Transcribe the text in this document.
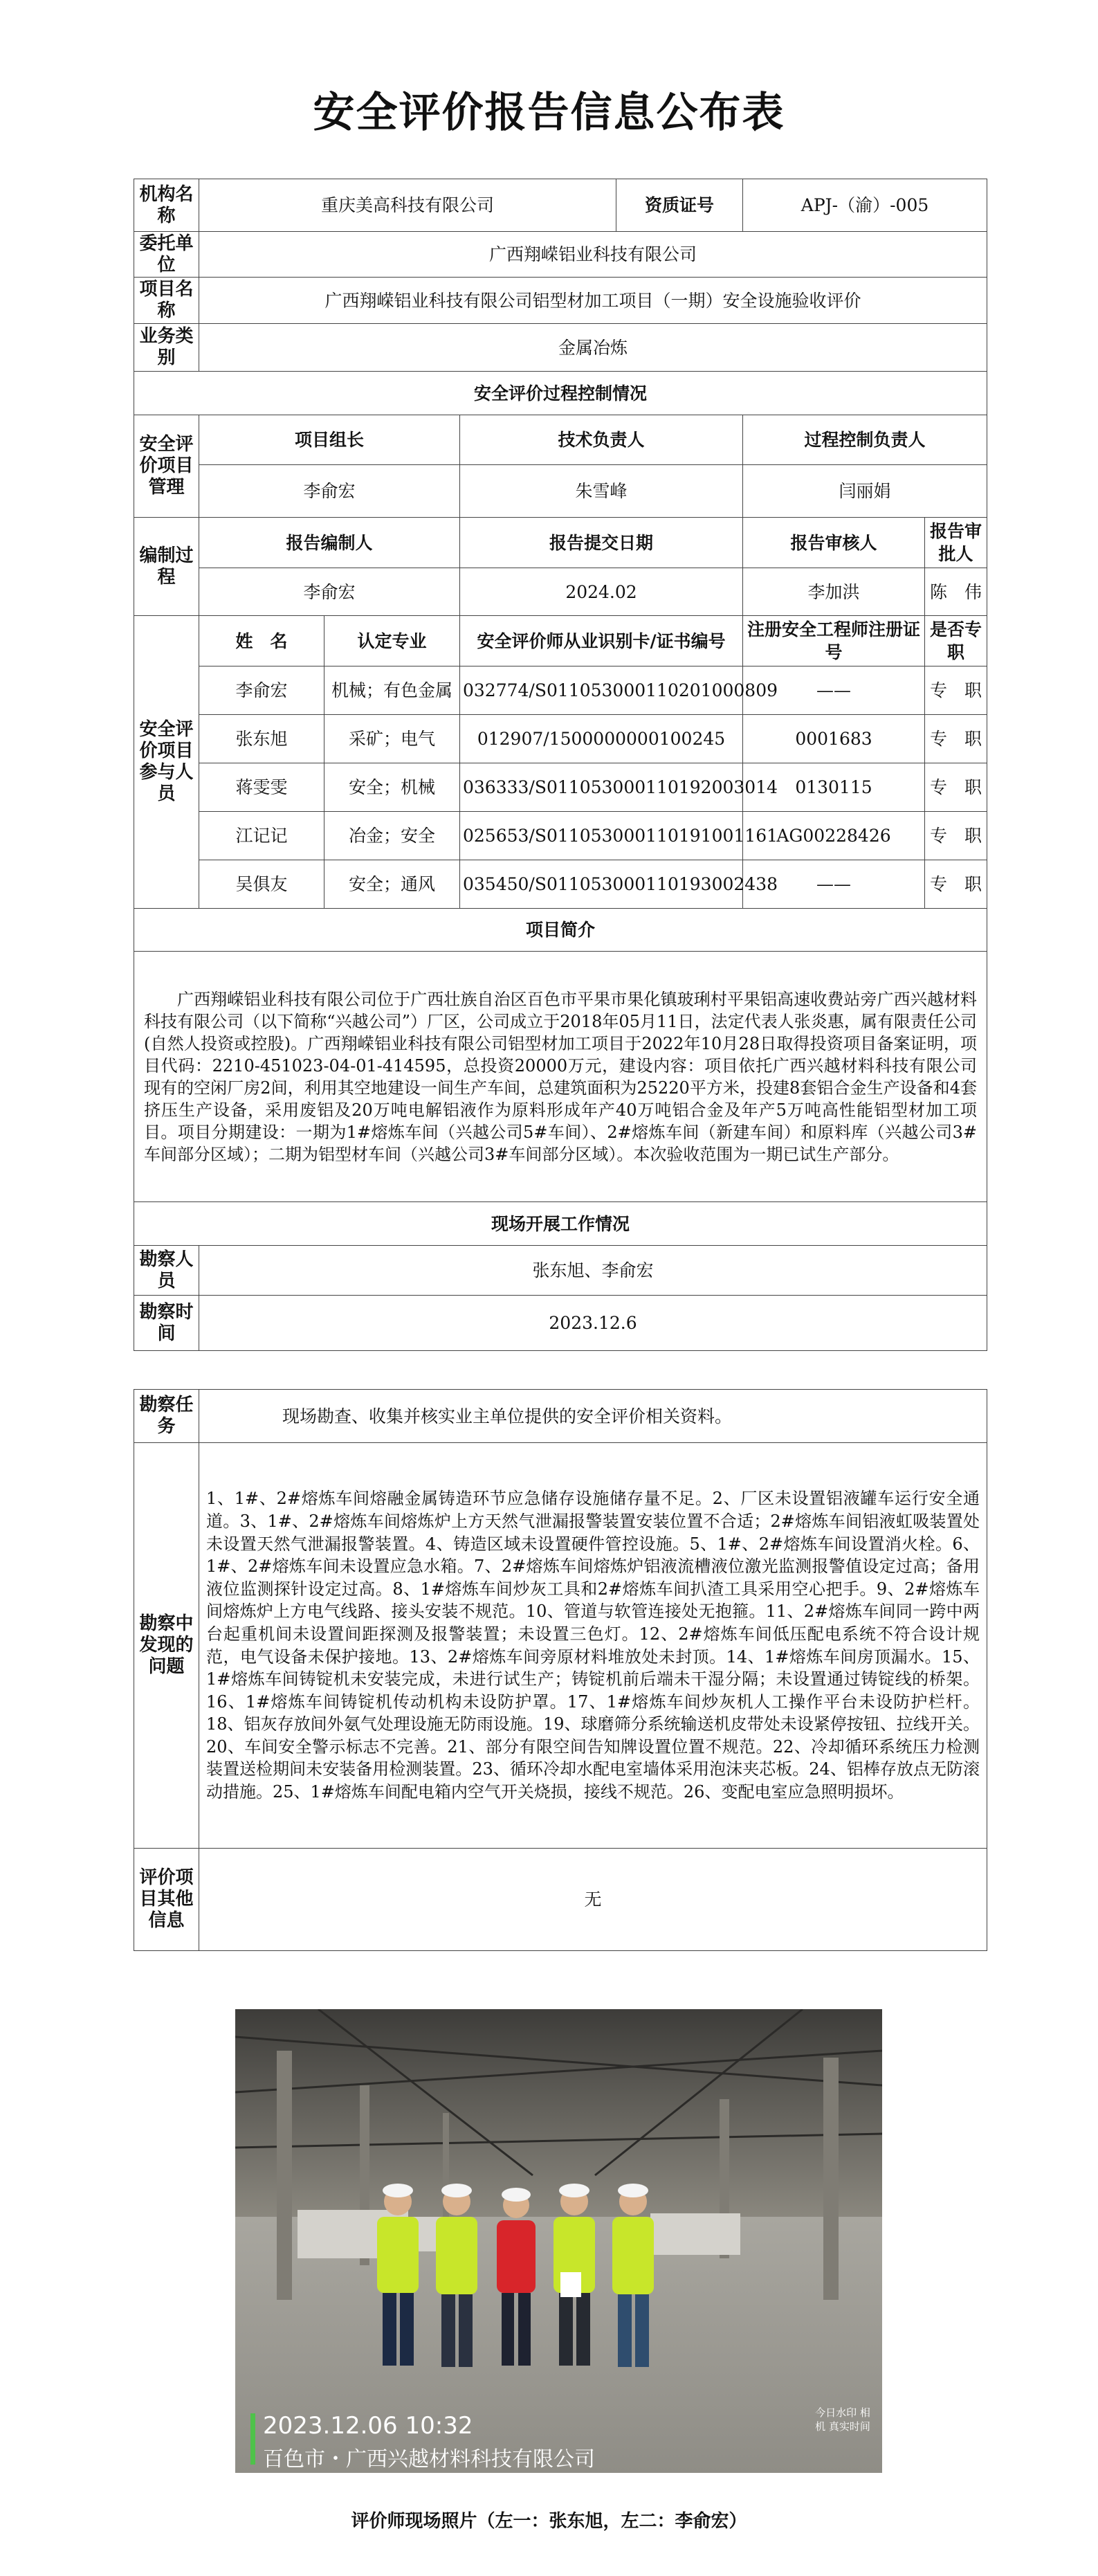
安全评价报告信息公布表
机构名称	重庆美高科技有限公司			资质证号	APJ-（渝）-005	
委托单位	广西翔嵘铝业科技有限公司					
项目名称	广西翔嵘铝业科技有限公司铝型材加工项目（一期）安全设施验收评价					
业务类别	金属冶炼					
安全评价过程控制情况						
安全评价项目管理	项目组长		技术负责人		过程控制负责人	
	李俞宏		朱雪峰		闫丽娟	
编制过程	报告编制人		报告提交日期		报告审核人	报告审批人
	李俞宏		2024.02		李加洪	陈　伟
安全评价项目参与人员	姓　名	认定专业	安全评价师从业识别卡/证书编号		注册安全工程师注册证号	是否专职
	李俞宏	机械；有色金属	032774/S011053000110201000809		——	专　职
	张东旭	采矿；电气	012907/1500000000100245		0001683	专　职
	蒋雯雯	安全；机械	036333/S011053000110192003014		0130115	专　职
	江记记	冶金；安全	025653/S011053000110191001161		AG00228426	专　职
	吴俱友	安全；通风	035450/S011053000110193002438		——	专　职
项目简介						
广西翔嵘铝业科技有限公司位于广西壮族自治区百色市平果市果化镇玻琍村平果铝高速收费站旁广西兴越材料科技有限公司（以下简称“兴越公司”）厂区，公司成立于2018年05月11日，法定代表人张炎惠，属有限责任公司(自然人投资或控股)。广西翔嵘铝业科技有限公司铝型材加工项目于2022年10月28日取得投资项目备案证明，项目代码：2210-451023-04-01-414595，总投资20000万元，建设内容：项目依托广西兴越材料科技有限公司现有的空闲厂房2间，利用其空地建设一间生产车间，总建筑面积为25220平方米，投建8套铝合金生产设备和4套挤压生产设备，采用废铝及20万吨电解铝液作为原料形成年产40万吨铝合金及年产5万吨高性能铝型材加工项目。项目分期建设：一期为1#熔炼车间（兴越公司5#车间）、2#熔炼车间（新建车间）和原料库（兴越公司3#车间部分区域）；二期为铝型材车间（兴越公司3#车间部分区域）。本次验收范围为一期已试生产部分。						
现场开展工作情况						
勘察人员	张东旭、李俞宏					
勘察时间	2023.12.6					
勘察任务	现场勘查、收集并核实业主单位提供的安全评价相关资料。
勘察中发现的问题	1、1#、2#熔炼车间熔融金属铸造环节应急储存设施储存量不足。2、厂区未设置铝液罐车运行安全通道。3、1#、2#熔炼车间熔炼炉上方天然气泄漏报警装置安装位置不合适；2#熔炼车间铝液虹吸装置处未设置天然气泄漏报警装置。4、铸造区域未设置硬件管控设施。5、1#、2#熔炼车间设置消火栓。6、1#、2#熔炼车间未设置应急水箱。7、2#熔炼车间熔炼炉铝液流槽液位激光监测报警值设定过高；备用液位监测探针设定过高。8、1#熔炼车间炒灰工具和2#熔炼车间扒渣工具采用空心把手。9、2#熔炼车间熔炼炉上方电气线路、接头安装不规范。10、管道与软管连接处无抱箍。11、2#熔炼车间同一跨中两台起重机间未设置间距探测及报警装置；未设置三色灯。12、2#熔炼车间低压配电系统不符合设计规范，电气设备未保护接地。13、2#熔炼车间旁原材料堆放处未封顶。14、1#熔炼车间房顶漏水。15、1#熔炼车间铸锭机未安装完成，未进行试生产；铸锭机前后端未干湿分隔；未设置通过铸锭线的桥架。16、1#熔炼车间铸锭机传动机构未设防护罩。17、1#熔炼车间炒灰机人工操作平台未设防护栏杆。18、铝灰存放间外氨气处理设施无防雨设施。19、球磨筛分系统输送机皮带处未设紧停按钮、拉线开关。20、车间安全警示标志不完善。21、部分有限空间告知牌设置位置不规范。22、冷却循环系统压力检测装置送检期间未安装备用检测装置。23、循环冷却水配电室墙体采用泡沫夹芯板。24、铝棒存放点无防滚动措施。25、1#熔炼车间配电箱内空气开关烧损，接线不规范。26、变配电室应急照明损坏。
评价项目其他信息	无
2023.12.06 10:32
百色市・广西兴越材料科技有限公司
今日水印 相机 真实时间
评价师现场照片（左一：张东旭，左二：李俞宏）
